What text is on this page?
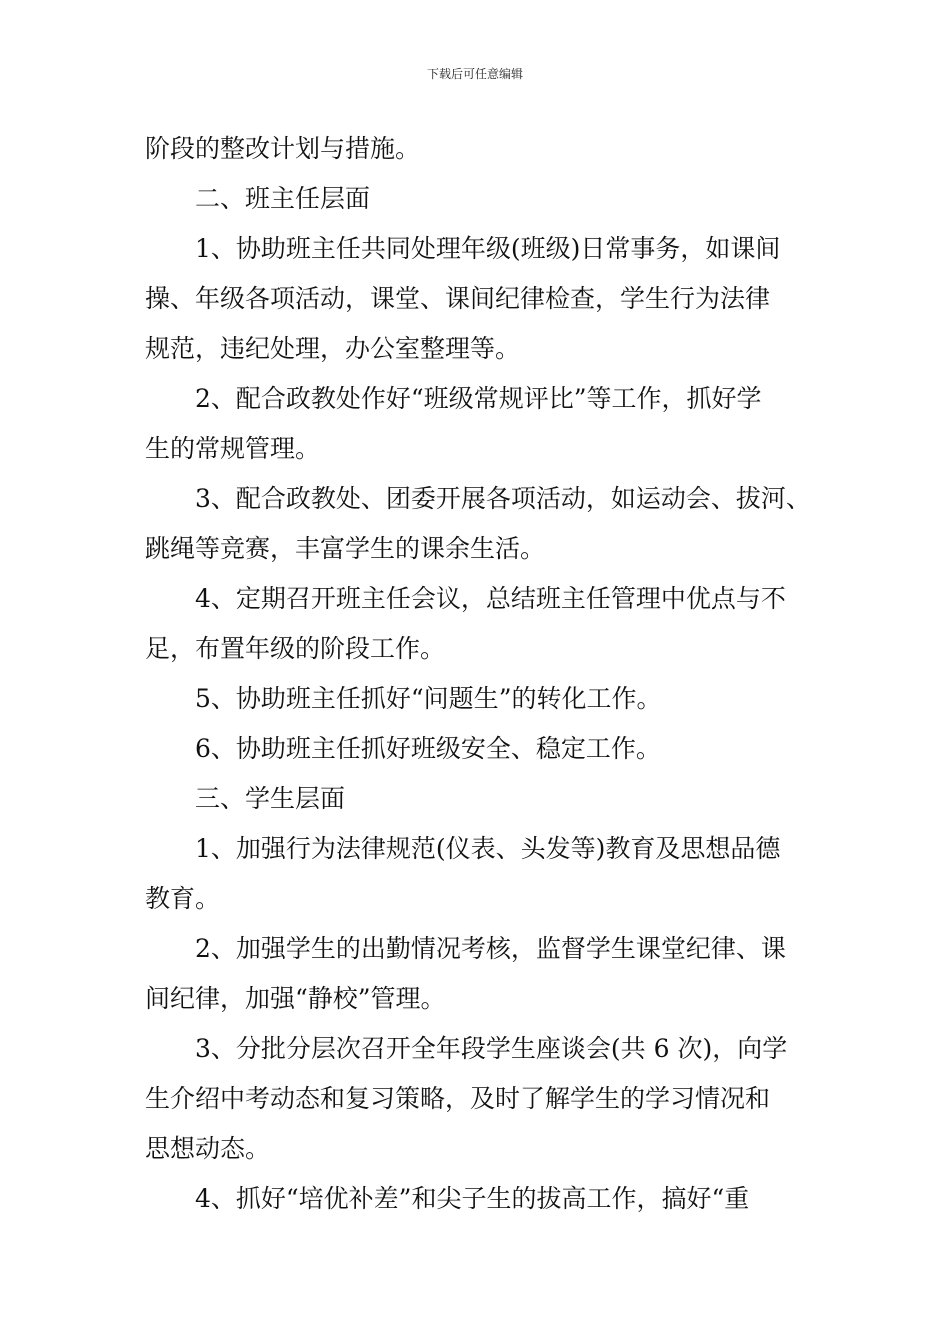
下载后可任意编辑
阶段的整改计划与措施。
二、班主任层面
1、协助班主任共同处理年级(班级)日常事务，如课间
操、年级各项活动，课堂、课间纪律检查，学生行为法律
规范，违纪处理，办公室整理等。
2、配合政教处作好“班级常规评比”等工作，抓好学
生的常规管理。
3、配合政教处、团委开展各项活动，如运动会、拔河、
跳绳等竞赛，丰富学生的课余生活。
4、定期召开班主任会议，总结班主任管理中优点与不
足，布置年级的阶段工作。
5、协助班主任抓好“问题生”的转化工作。
6、协助班主任抓好班级安全、稳定工作。
三、学生层面
1、加强行为法律规范(仪表、头发等)教育及思想品德
教育。
2、加强学生的出勤情况考核，监督学生课堂纪律、课
间纪律，加强“静校”管理。
3、分批分层次召开全年段学生座谈会(共 6 次)，向学
生介绍中考动态和复习策略，及时了解学生的学习情况和
思想动态。
4、抓好“培优补差”和尖子生的拔高工作，搞好“重
